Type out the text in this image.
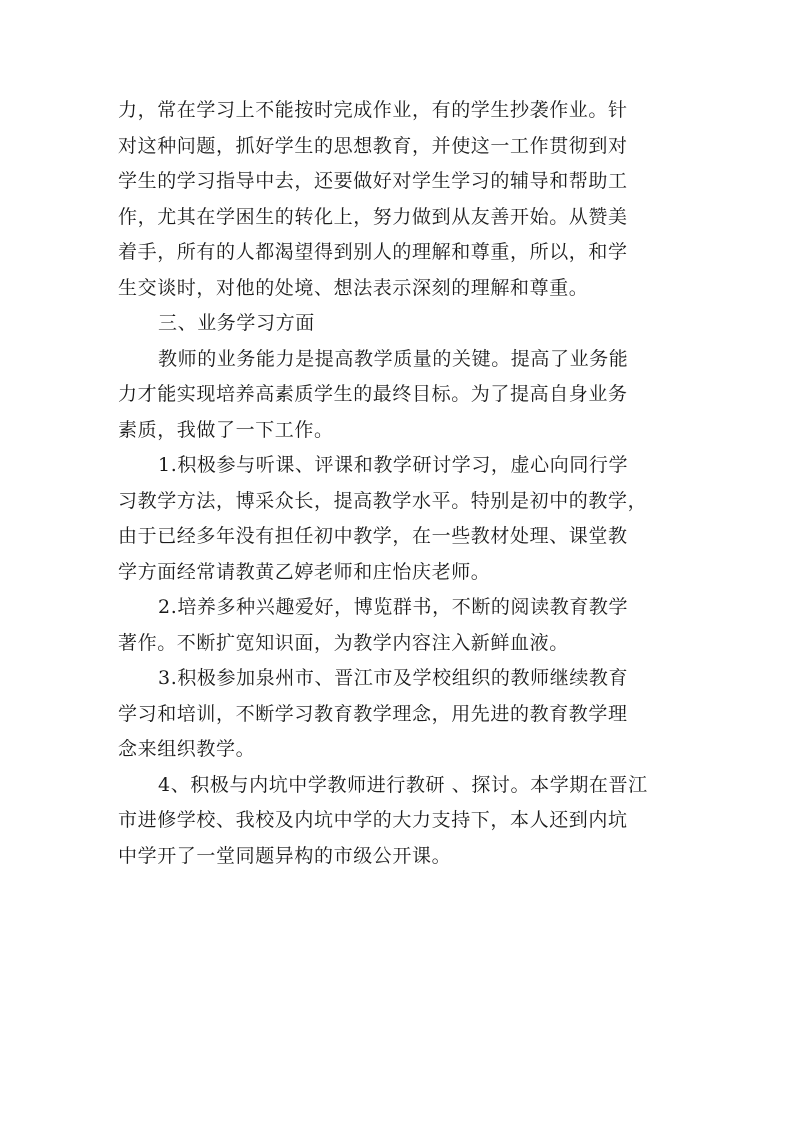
力，常在学习上不能按时完成作业，有的学生抄袭作业。针
对这种问题，抓好学生的思想教育，并使这一工作贯彻到对
学生的学习指导中去，还要做好对学生学习的辅导和帮助工
作，尤其在学困生的转化上，努力做到从友善开始。从赞美
着手，所有的人都渴望得到别人的理解和尊重，所以，和学
生交谈时，对他的处境、想法表示深刻的理解和尊重。
三、业务学习方面
教师的业务能力是提高教学质量的关键。提高了业务能
力才能实现培养高素质学生的最终目标。为了提高自身业务
素质，我做了一下工作。
1.积极参与听课、评课和教学研讨学习，虚心向同行学
习教学方法，博采众长，提高教学水平。特别是初中的教学，
由于已经多年没有担任初中教学，在一些教材处理、课堂教
学方面经常请教黄乙婷老师和庄怡庆老师。
2.培养多种兴趣爱好，博览群书，不断的阅读教育教学
著作。不断扩宽知识面，为教学内容注入新鲜血液。
3.积极参加泉州市、晋江市及学校组织的教师继续教育
学习和培训，不断学习教育教学理念，用先进的教育教学理
念来组织教学。
4、积极与内坑中学教师进行教研 、探讨。本学期在晋江
市进修学校、我校及内坑中学的大力支持下，本人还到内坑
中学开了一堂同题异构的市级公开课。
